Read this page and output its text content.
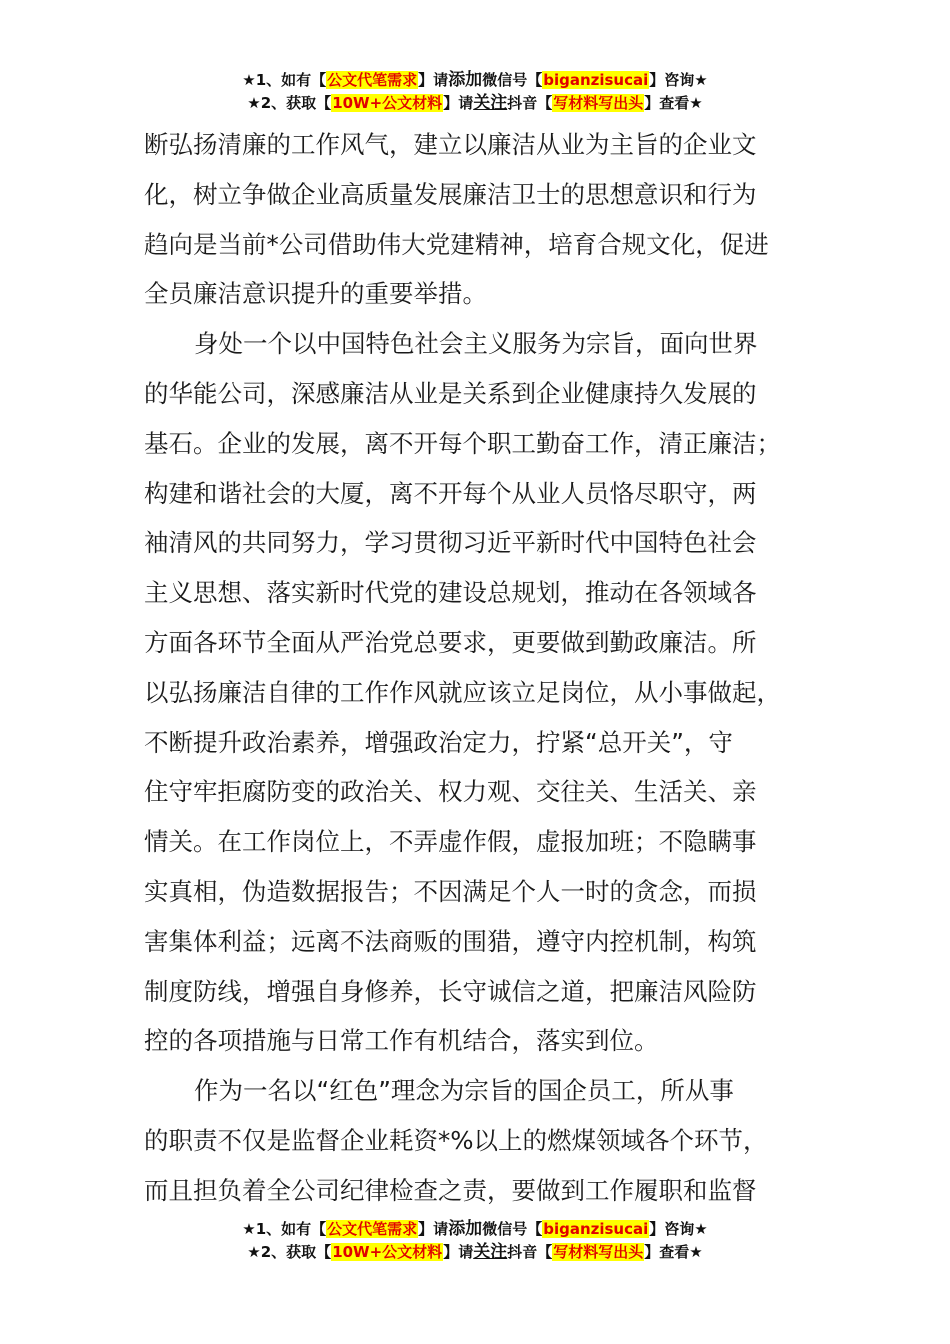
★1、如有【公文代笔需求】请添加微信号【biganzisucai】咨询★
★2、获取【10W+公文材料】请关注抖音【写材料写出头】查看★

断弘扬清廉的工作风气，建立以廉洁从业为主旨的企业文

化，树立争做企业高质量发展廉洁卫士的思想意识和行为

趋向是当前*公司借助伟大党建精神，培育合规文化，促进

全员廉洁意识提升的重要举措。

身处一个以中国特色社会主义服务为宗旨，面向世界

的华能公司，深感廉洁从业是关系到企业健康持久发展的

基石。企业的发展，离不开每个职工勤奋工作，清正廉洁；

构建和谐社会的大厦，离不开每个从业人员恪尽职守，两

袖清风的共同努力，学习贯彻习近平新时代中国特色社会

主义思想、落实新时代党的建设总规划，推动在各领域各

方面各环节全面从严治党总要求，更要做到勤政廉洁。所

以弘扬廉洁自律的工作作风就应该立足岗位，从小事做起，

不断提升政治素养，增强政治定力，拧紧“总开关”，守

住守牢拒腐防变的政治关、权力观、交往关、生活关、亲

情关。在工作岗位上，不弄虚作假，虚报加班；不隐瞒事

实真相，伪造数据报告；不因满足个人一时的贪念，而损

害集体利益；远离不法商贩的围猎，遵守内控机制，构筑

制度防线，增强自身修养，长守诚信之道，把廉洁风险防

控的各项措施与日常工作有机结合，落实到位。

作为一名以“红色”理念为宗旨的国企员工，所从事

的职责不仅是监督企业耗资*%以上的燃煤领域各个环节，

而且担负着全公司纪律检查之责，要做到工作履职和监督

★1、如有【公文代笔需求】请添加微信号【biganzisucai】咨询★
★2、获取【10W+公文材料】请关注抖音【写材料写出头】查看★
